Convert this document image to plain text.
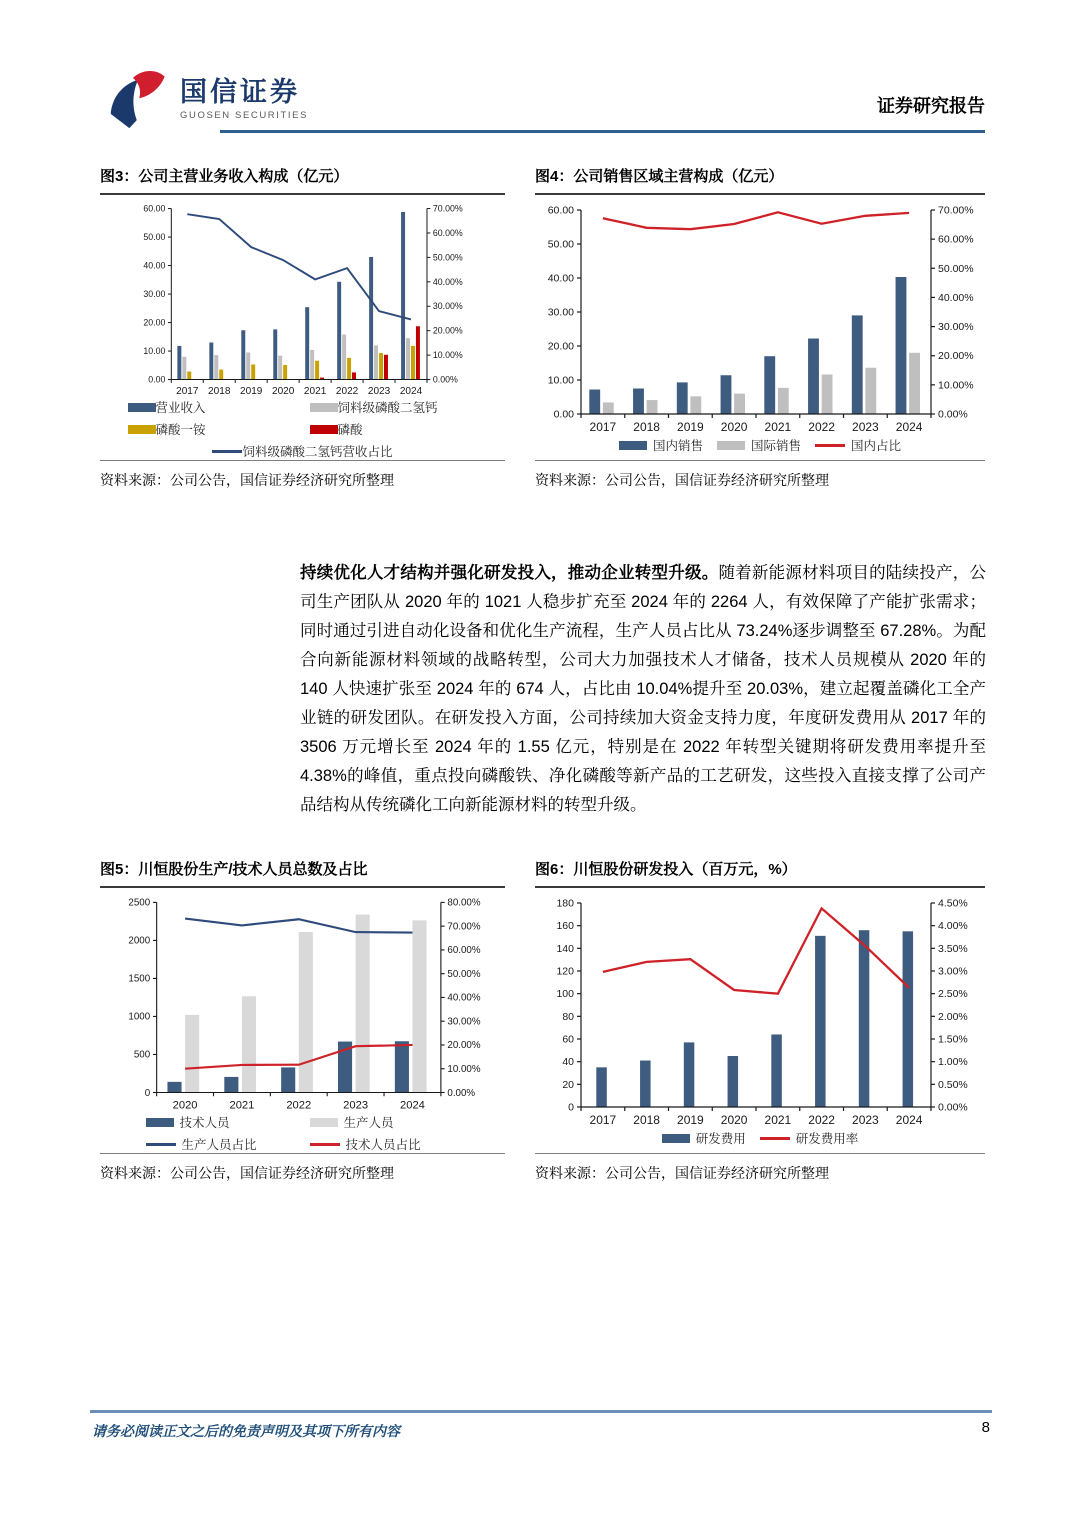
国信证券
GUOSEN SECURITIES	证券研究报告
图3：公司主营业务收入构成（亿元）
0.00
10.00
20.00
30.00
40.00
50.00
60.00
0.00%
10.00%
20.00%
30.00%
40.00%
50.00%
60.00%
70.00%
2017 2018 2019 2020 2021 2022 2023 2024
营业收入	饲料级磷酸二氢钙
磷酸一铵	磷酸
饲料级磷酸二氢钙营收占比
资料来源：公司公告，国信证券经济研究所整理
图4：公司销售区域主营构成（亿元）
0.00
10.00
20.00
30.00
40.00
50.00
60.00
0.00%
10.00%
20.00%
30.00%
40.00%
50.00%
60.00%
70.00%
2017 2018 2019 2020 2021 2022 2023 2024
国内销售	国际销售	国内占比
资料来源：公司公告，国信证券经济研究所整理

持续优化人才结构并强化研发投入，推动企业转型升级。随着新能源材料项目的陆续投产，公司生产团队从 2020 年的 1021 人稳步扩充至 2024 年的 2264 人，有效保障了产能扩张需求；同时通过引进自动化设备和优化生产流程，生产人员占比从 73.24%逐步调整至 67.28%。为配合向新能源材料领域的战略转型，公司大力加强技术人才储备，技术人员规模从 2020 年的 140 人快速扩张至 2024 年的 674 人，占比由 10.04%提升至 20.03%，建立起覆盖磷化工全产业链的研发团队。在研发投入方面，公司持续加大资金支持力度，年度研发费用从 2017 年的 3506 万元增长至 2024 年的 1.55 亿元，特别是在 2022 年转型关键期将研发费用率提升至 4.38%的峰值，重点投向磷酸铁、净化磷酸等新产品的工艺研发，这些投入直接支撑了公司产品结构从传统磷化工向新能源材料的转型升级。

图5：川恒股份生产/技术人员总数及占比
0
500
1000
1500
2000
2500
0.00%
10.00%
20.00%
30.00%
40.00%
50.00%
60.00%
70.00%
80.00%
2020	2021	2022	2023	2024
技术人员	生产人员
生产人员占比	技术人员占比
资料来源：公司公告，国信证券经济研究所整理
图6：川恒股份研发投入（百万元，%）
0
20
40
60
80
100
120
140
160
180
0.00%
0.50%
1.00%
1.50%
2.00%
2.50%
3.00%
3.50%
4.00%
4.50%
2017 2018 2019 2020 2021 2022 2023 2024
研发费用	研发费用率
资料来源：公司公告，国信证券经济研究所整理
请务必阅读正文之后的免责声明及其项下所有内容	8
